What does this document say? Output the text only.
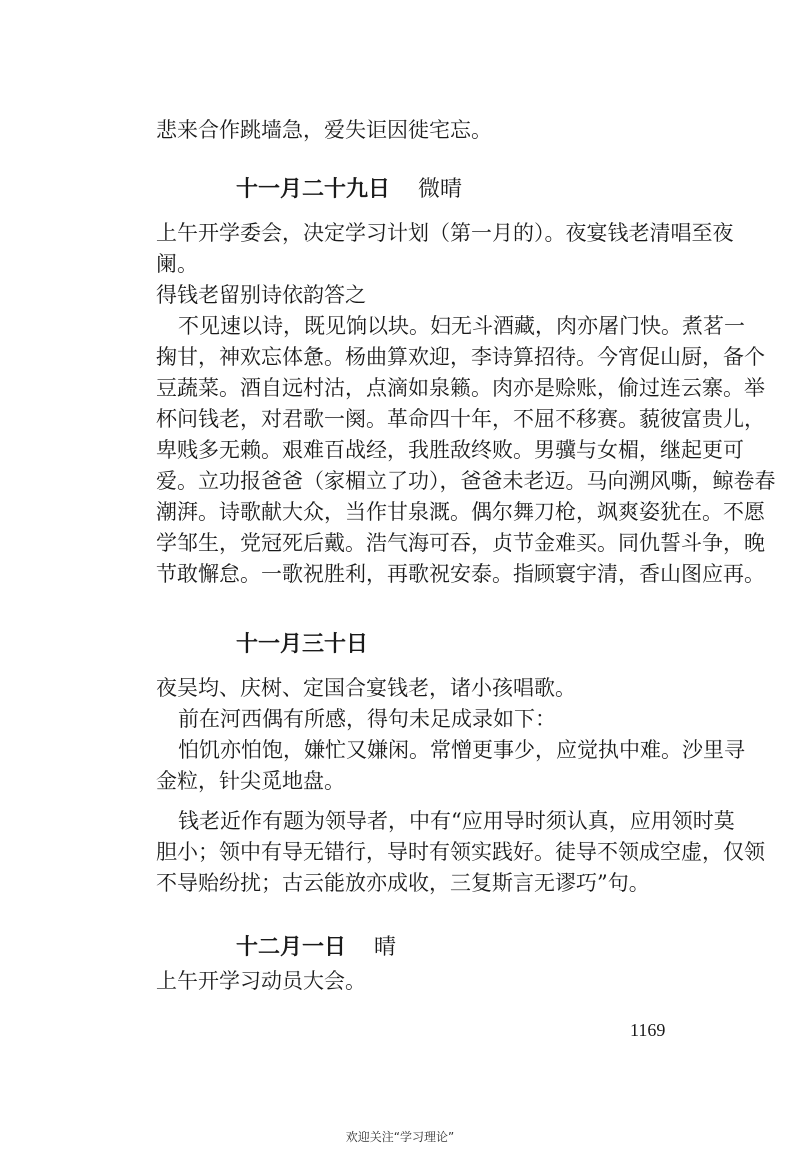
悲来合作跳墙急，爱失讵因徙宅忘。
十一月二十九日 微晴
上午开学委会，决定学习计划（第一月的）。夜宴钱老清唱至夜
阑。
得钱老留别诗依韵答之
不见速以诗，既见饷以块。妇无斗酒藏，肉亦屠门快。煮茗一
掬甘，神欢忘体惫。杨曲算欢迎，李诗算招待。今宵促山厨，备个
豆蔬菜。酒自远村沽，点滴如泉籁。肉亦是赊账，偷过连云寨。举
杯问钱老，对君歌一阕。革命四十年，不屈不移赛。藐彼富贵儿，
卑贱多无赖。艰难百战经，我胜敌终败。男骥与女楣，继起更可
爱。立功报爸爸（家楣立了功），爸爸未老迈。马向溯风嘶，鲸卷春
潮湃。诗歌献大众，当作甘泉溉。偶尔舞刀枪，飒爽姿犹在。不愿
学邹生，党冠死后戴。浩气海可吞，贞节金难买。同仇誓斗争，晚
节敢懈怠。一歌祝胜利，再歌祝安泰。指顾寰宇清，香山图应再。
十一月三十日
夜吴均、庆树、定国合宴钱老，诸小孩唱歌。
前在河西偶有所感，得句未足成录如下：
怕饥亦怕饱，嫌忙又嫌闲。常憎更事少，应觉执中难。沙里寻
金粒，针尖觅地盘。
钱老近作有题为领导者，中有“应用导时须认真，应用领时莫
胆小；领中有导无错行，导时有领实践好。徒导不领成空虚，仅领
不导贻纷扰；古云能放亦成收，三复斯言无谬巧”句。
十二月一日 晴
上午开学习动员大会。
1169
欢迎关注“学习理论”
